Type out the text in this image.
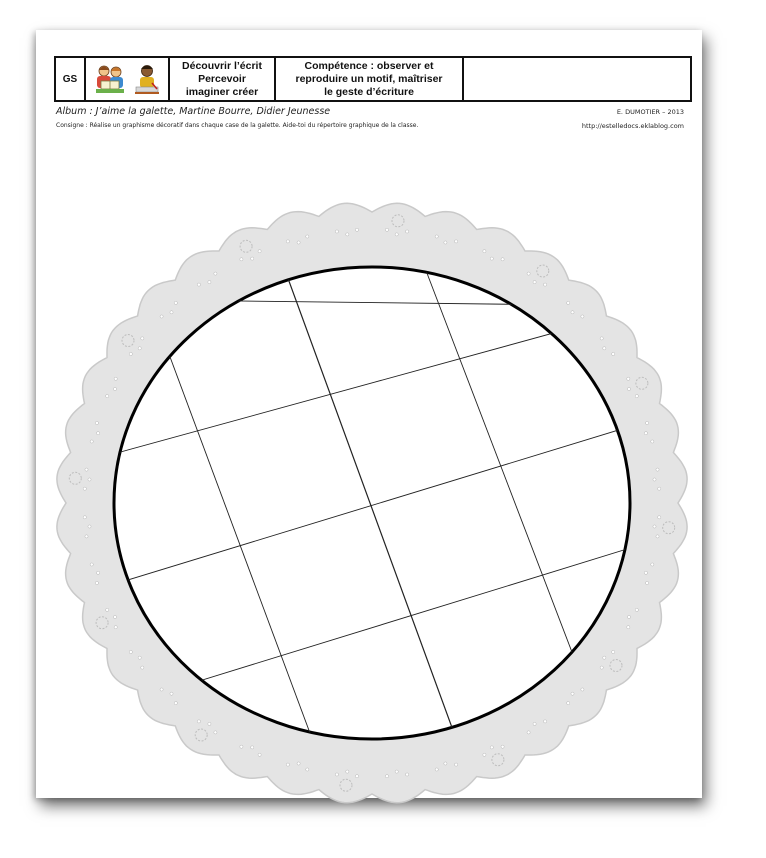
GS	

Découvrir l’écrit
Percevoir
imaginer créer

Compétence : observer et
reproduire un motif, maîtriser
le geste d’écriture

Album : J’aime la galette, Martine Bourre, Didier Jeunesse	E. DUMOTIER – 2013
Consigne : Réalise un graphisme décoratif dans chaque case de la galette. Aide-toi du répertoire graphique de la classe.	http://estelledocs.eklablog.com
